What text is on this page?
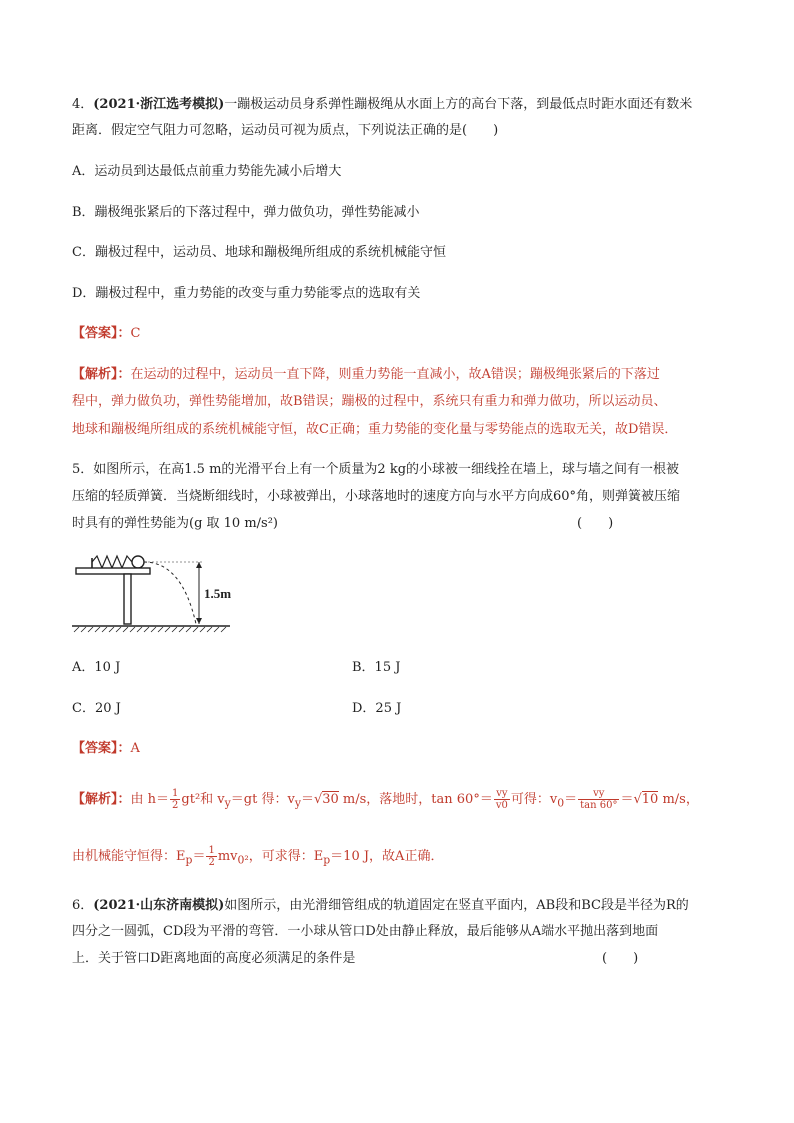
4．(2021·浙江选考模拟)一蹦极运动员身系弹性蹦极绳从水面上方的高台下落，到最低点时距水面还有数米

距离．假定空气阻力可忽略，运动员可视为质点，下列说法正确的是(　　)

A．运动员到达最低点前重力势能先减小后增大

B．蹦极绳张紧后的下落过程中，弹力做负功，弹性势能减小

C．蹦极过程中，运动员、地球和蹦极绳所组成的系统机械能守恒

D．蹦极过程中，重力势能的改变与重力势能零点的选取有关

【答案】：C

【解析】：在运动的过程中，运动员一直下降，则重力势能一直减小，故A错误；蹦极绳张紧后的下落过

程中，弹力做负功，弹性势能增加，故B错误；蹦极的过程中，系统只有重力和弹力做功，所以运动员、

地球和蹦极绳所组成的系统机械能守恒，故C正确；重力势能的变化量与零势能点的选取无关，故D错误．

5．如图所示，在高1.5 m的光滑平台上有一个质量为2 kg的小球被一细线拴在墙上，球与墙之间有一根被

压缩的轻质弹簧．当烧断细线时，小球被弹出，小球落地时的速度方向与水平方向成60°角，则弹簧被压缩

时具有的弹性势能为(g 取 10 m/s²)	(　　)

1.5m

A．10 J	B．15 J

C．20 J	D．25 J

【答案】：A

【解析】：由 $h= \frac{1}{2} gt^2$和 $v_y=gt$ 得：$v_y=√30$ m/s，落地时，$\tan 60^\circ= \frac{vy}{v0}$ 可得：$v_0= \frac{vy}{\tan 60^\circ} =√10$ m/s，

由机械能守恒得：$E_p= \frac{1}{2} mv_{0^2}$，可求得：$E_p=10$ J，故A正确．

6．(2021·山东济南模拟)如图所示，由光滑细管组成的轨道固定在竖直平面内，AB段和BC段是半径为R的

四分之一圆弧，CD段为平滑的弯管．一小球从管口D处由静止释放，最后能够从A端水平抛出落到地面

上．关于管口D距离地面的高度必须满足的条件是	(　　)
